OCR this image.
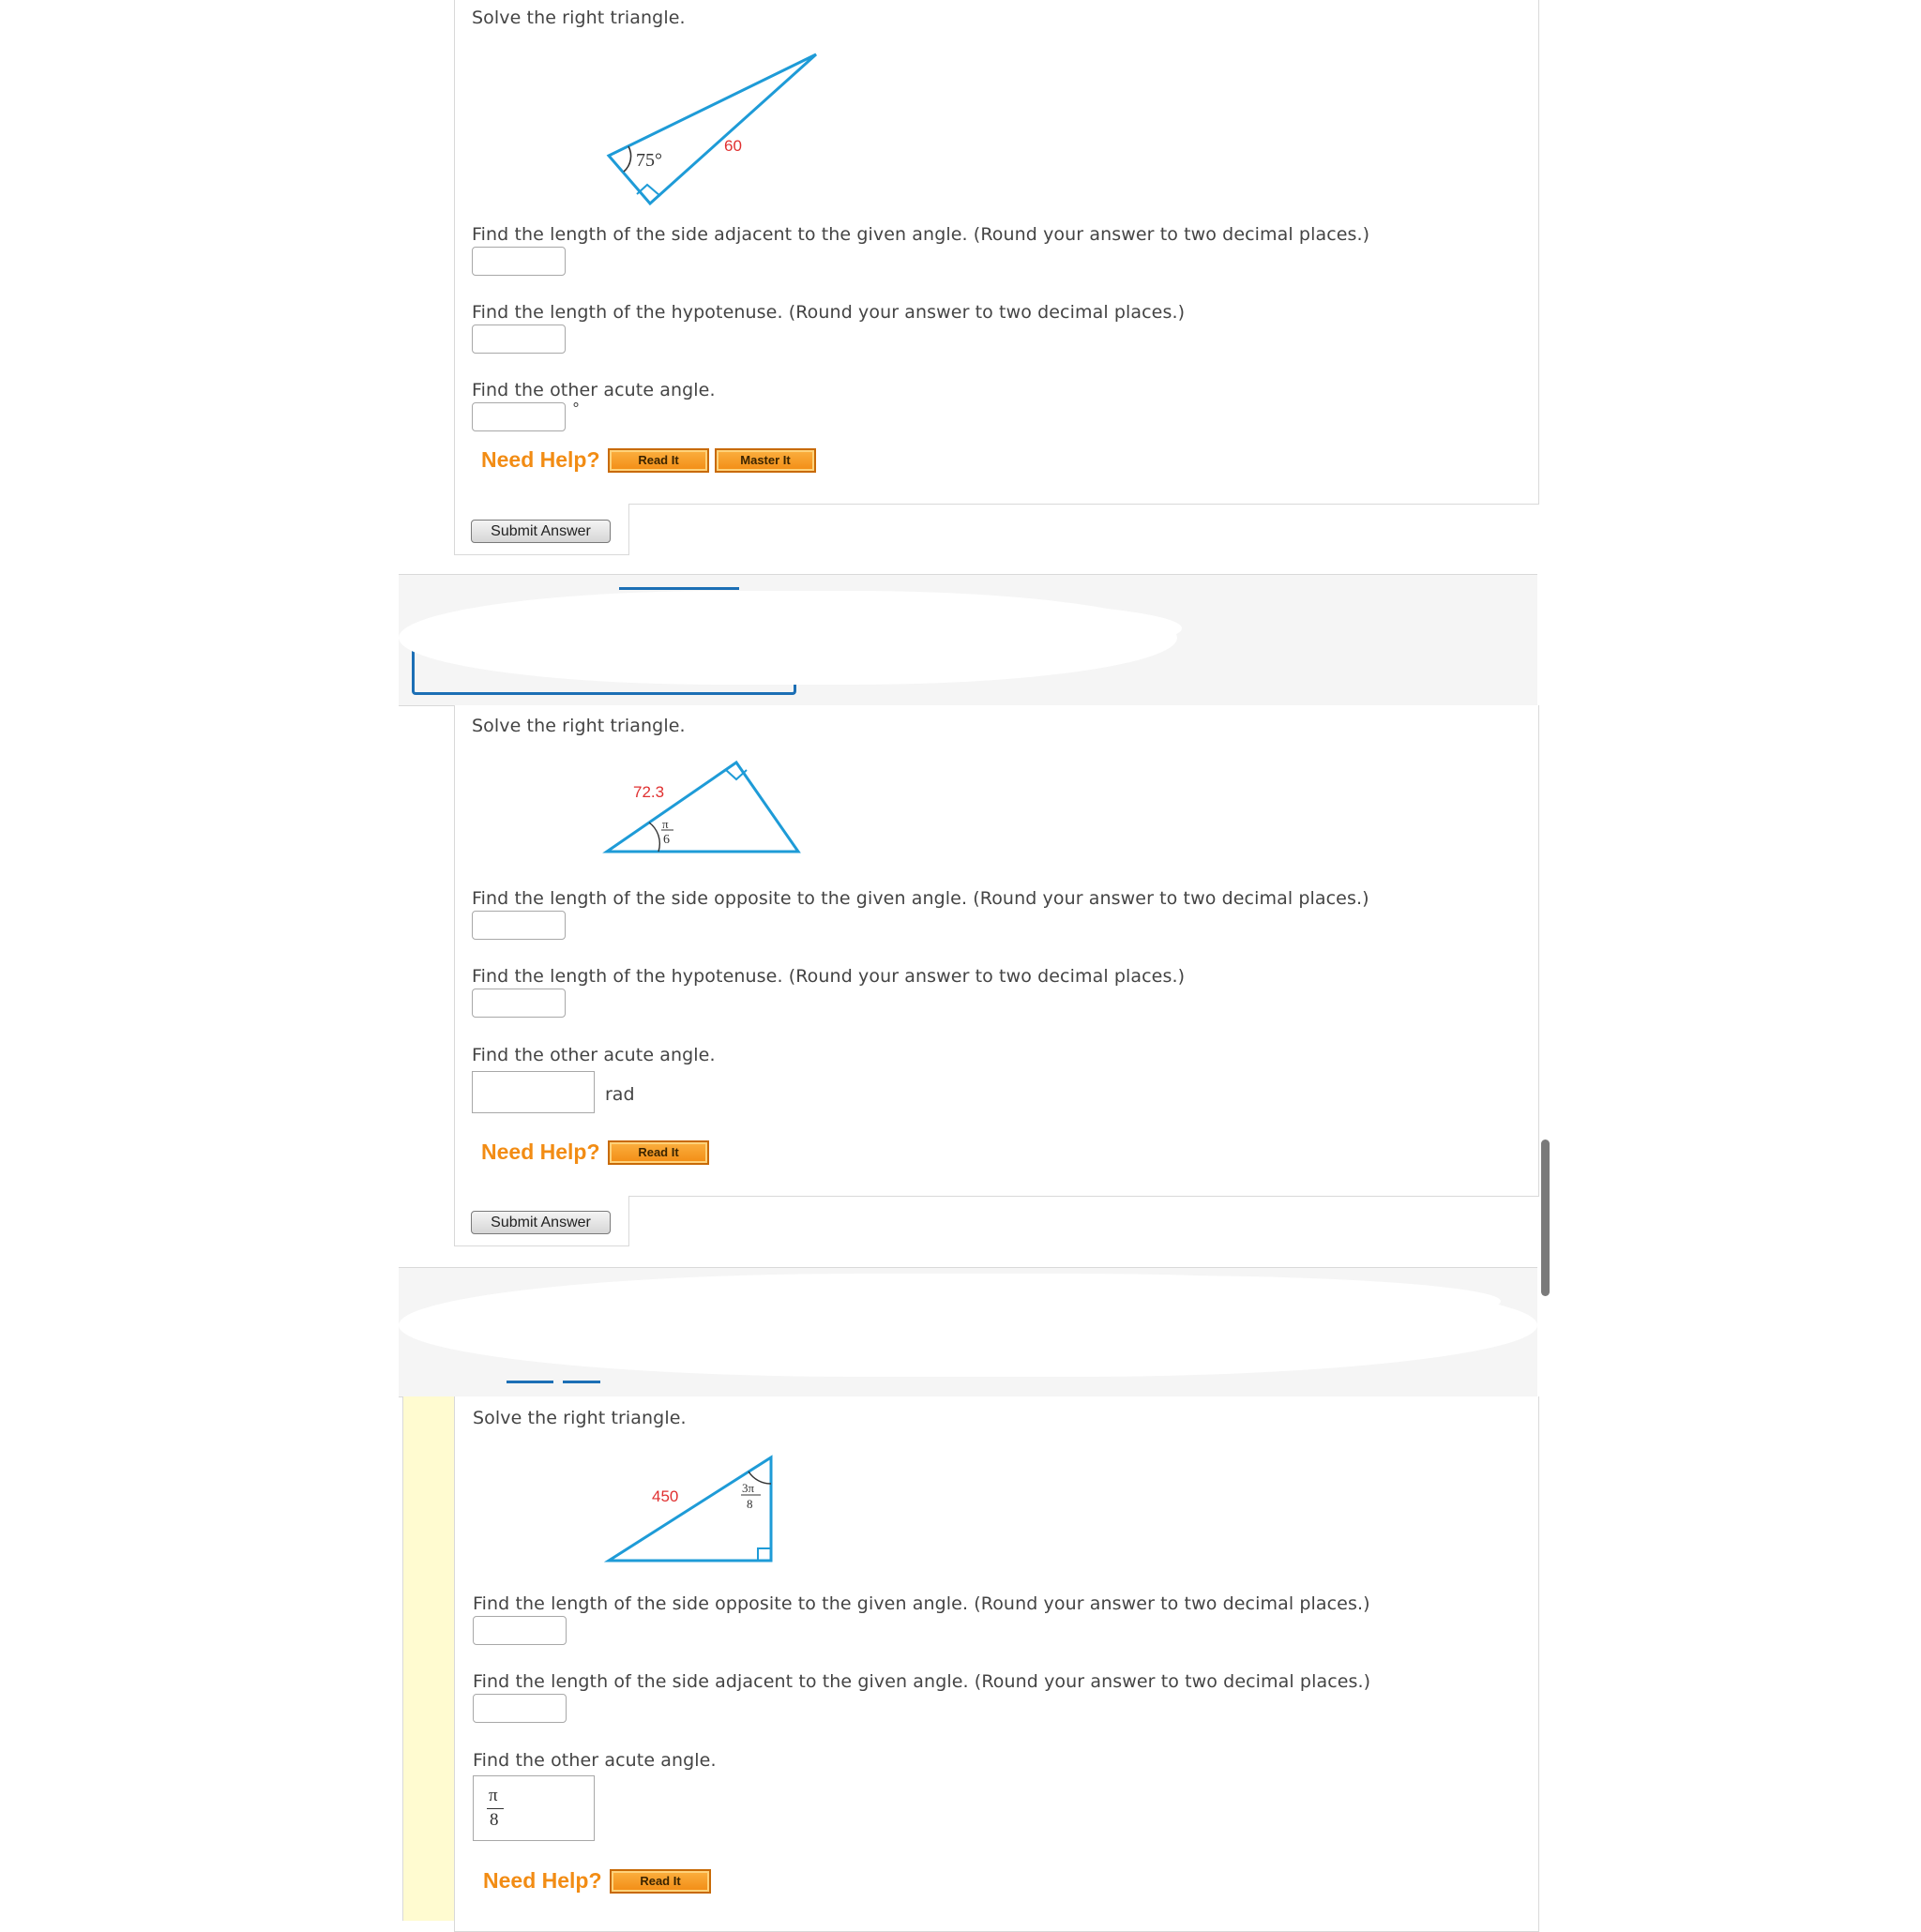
Solve the right triangle.
75°
60
Find the length of the side adjacent to the given angle. (Round your answer to two decimal places.)
Find the length of the hypotenuse. (Round your answer to two decimal places.)
Find the other acute angle.
°
Need Help?	Read It	Master It
Submit Answer
Solve the right triangle.
72.3
π
6
Find the length of the side opposite to the given angle. (Round your answer to two decimal places.)
Find the length of the hypotenuse. (Round your answer to two decimal places.)
Find the other acute angle.
rad
Need Help?	Read It
Submit Answer
Solve the right triangle.
450	3π
8
Find the length of the side opposite to the given angle. (Round your answer to two decimal places.)
Find the length of the side adjacent to the given angle. (Round your answer to two decimal places.)
Find the other acute angle.
π
8
Need Help?	Read It
